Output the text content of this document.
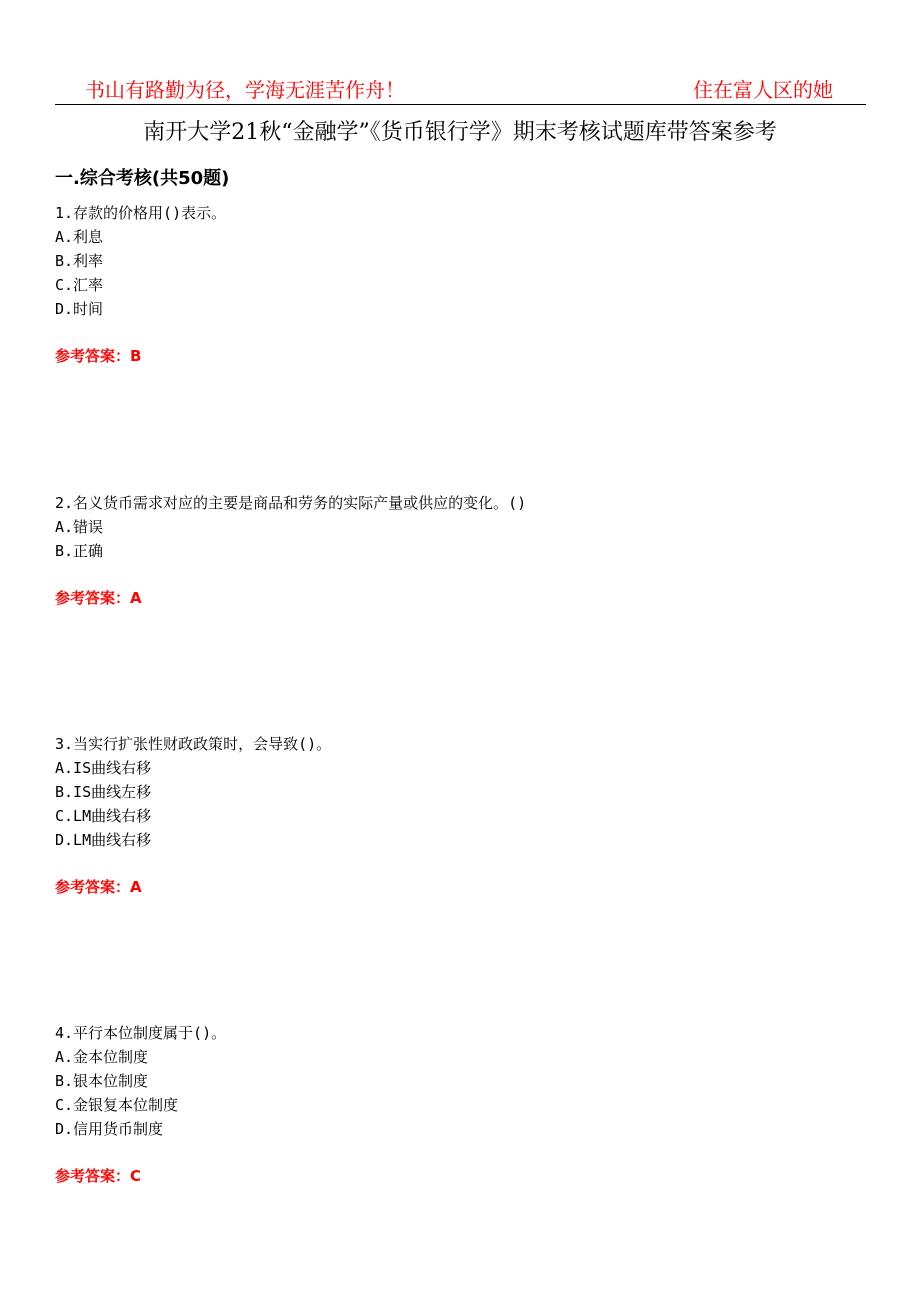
书山有路勤为径，学海无涯苦作舟！	住在富人区的她
南开大学21秋“金融学”《货币银行学》期末考核试题库带答案参考
一.综合考核(共50题)
1.存款的价格用()表示。
A.利息
B.利率
C.汇率
D.时间
参考答案：B
2.名义货币需求对应的主要是商品和劳务的实际产量或供应的变化。()
A.错误
B.正确
参考答案：A
3.当实行扩张性财政政策时，会导致()。
A.IS曲线右移
B.IS曲线左移
C.LM曲线右移
D.LM曲线右移
参考答案：A
4.平行本位制度属于()。
A.金本位制度
B.银本位制度
C.金银复本位制度
D.信用货币制度
参考答案：C
